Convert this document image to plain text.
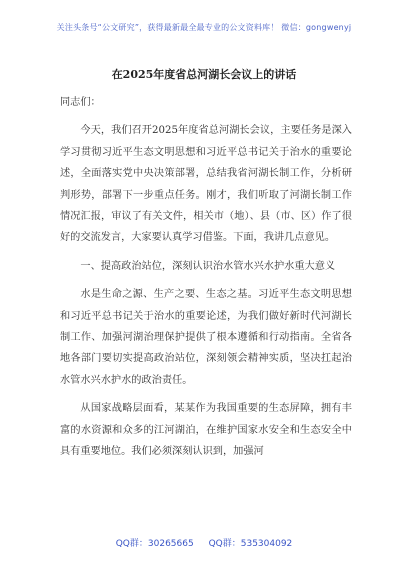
关注头条号“公文研究”，获得最新最全最专业的公文资料库！ 微信：gongwenyj
在2025年度省总河湖长会议上的讲话

同志们：

今天，我们召开2025年度省总河湖长会议，主要任务是深入学习贯彻习近平生态文明思想和习近平总书记关于治水的重要论述，全面落实党中央决策部署，总结我省河湖长制工作，分析研判形势，部署下一步重点任务。刚才，我们听取了河湖长制工作情况汇报，审议了有关文件，相关市（地）、县（市、区）作了很好的交流发言，大家要认真学习借鉴。下面，我讲几点意见。

一、提高政治站位，深刻认识治水管水兴水护水重大意义

水是生命之源、生产之要、生态之基。习近平生态文明思想和习近平总书记关于治水的重要论述，为我们做好新时代河湖长制工作、加强河湖治理保护提供了根本遵循和行动指南。全省各地各部门要切实提高政治站位，深刻领会精神实质，坚决扛起治水管水兴水护水的政治责任。

从国家战略层面看，某某作为我国重要的生态屏障，拥有丰富的水资源和众多的江河湖泊，在维护国家水安全和生态安全中具有重要地位。我们必须深刻认识到，加强河

QQ群：30265665 QQ群：535304092
